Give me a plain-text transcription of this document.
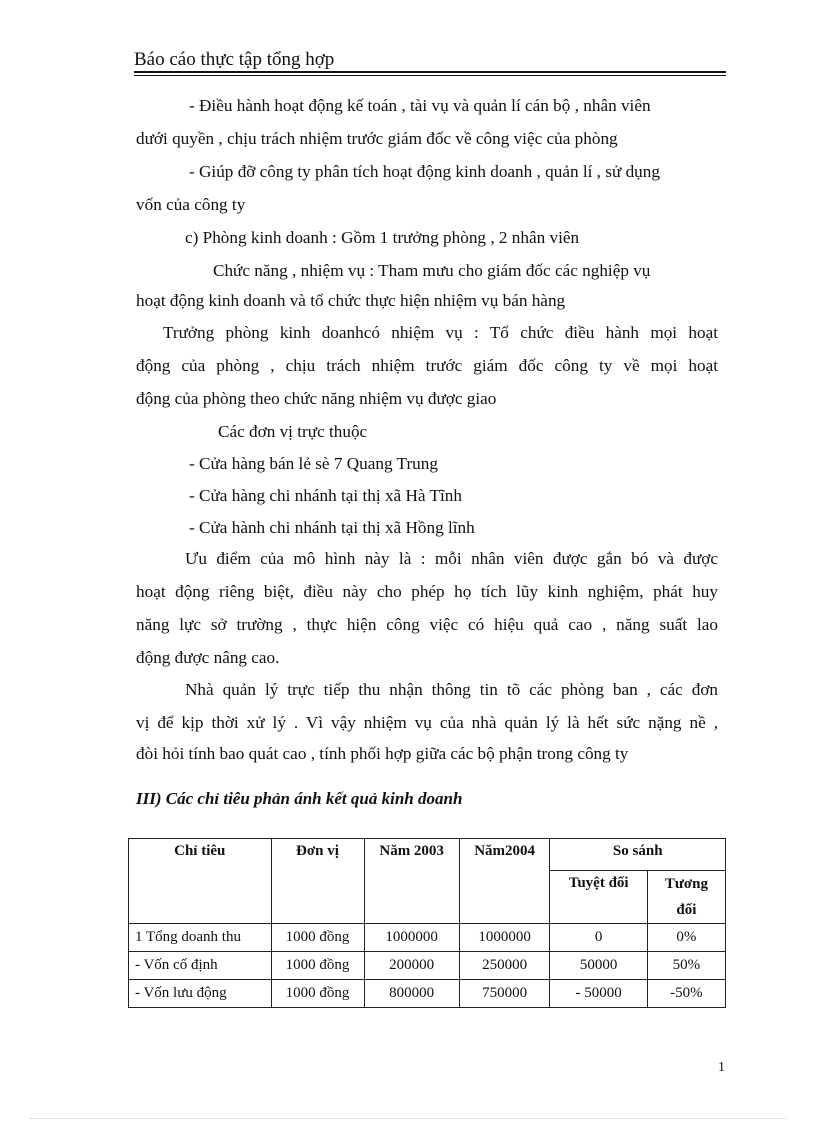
Báo cáo thực tập tổng hợp
- Điều hành hoạt động kế toán , tài vụ và quản lí cán bộ , nhân viên
dưới quyền , chịu trách nhiệm trước giám đốc về công việc của phòng
- Giúp đỡ công ty phân tích hoạt động kinh doanh , quản lí , sử dụng
vốn của công ty
c) Phòng kinh doanh : Gồm 1 trưởng phòng , 2 nhân viên
Chức năng , nhiệm vụ : Tham mưu cho giám đốc các nghiệp vụ
hoạt động kinh doanh và tổ chức thực hiện nhiệm vụ bán hàng
Trưởng phòng kinh doanhcó nhiệm vụ : Tổ chức điều hành mọi hoạt
động của phòng , chịu trách nhiệm trước giám đốc công ty về mọi hoạt
động của phòng theo chức năng nhiệm vụ được giao
Các đơn vị trực thuộc
- Cửa hàng bán lẻ sè 7 Quang Trung
- Cửa hàng chi nhánh tại thị xã Hà Tĩnh
- Cửa hành chi nhánh tại thị xã Hồng lĩnh
Ưu điểm của mô hình này là : mỗi nhân viên được gắn bó và được
hoạt động riêng biệt, điều này cho phép họ tích lũy kinh nghiệm, phát huy
năng lực sở trường , thực hiện công việc có hiệu quả cao , năng suất lao
động được nâng cao.
Nhà quản lý trực tiếp thu nhận thông tin tõ các phòng ban , các đơn
vị để kịp thời xử lý . Vì vậy nhiệm vụ của nhà quản lý là hết sức nặng nề ,
đòi hỏi tính bao quát cao , tính phối hợp giữa các bộ phận trong công ty
III) Các chỉ tiêu phản ánh kết quả kinh doanh
Chỉ tiêu	Đơn vị	Năm 2003	Năm2004	So sánh	
				Tuyệt đối	Tương
đối
1 Tổng doanh thu	1000 đồng	1000000	1000000	0	0%
- Vốn cố định	1000 đồng	200000	250000	50000	50%
- Vốn lưu động	1000 đồng	800000	750000	- 50000	-50%
1
